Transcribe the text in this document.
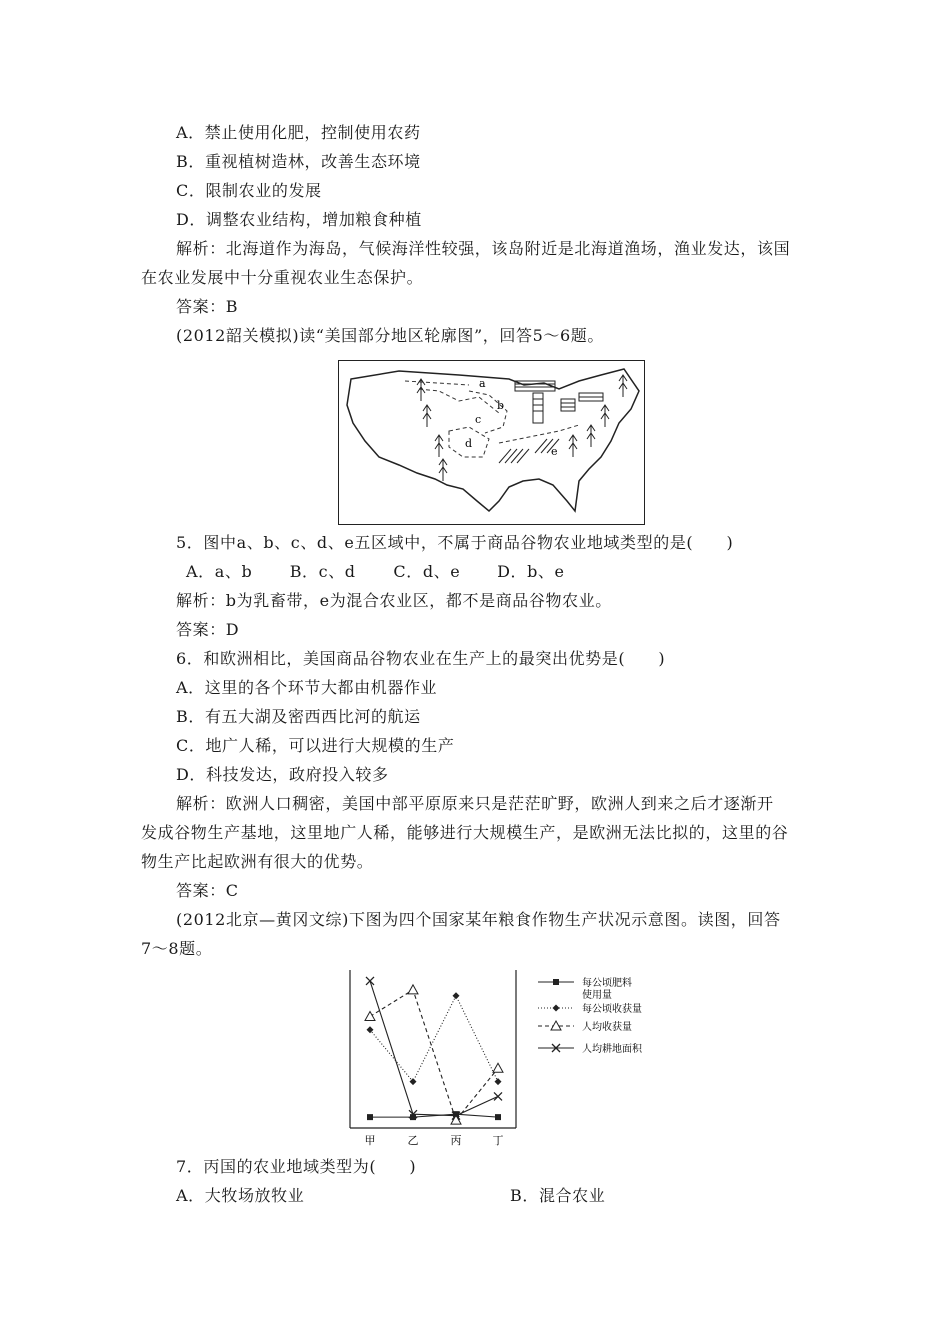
A．禁止使用化肥，控制使用农药
B．重视植树造林，改善生态环境
C．限制农业的发展
D．调整农业结构，增加粮食种植
解析：北海道作为海岛，气候海洋性较强，该岛附近是北海道渔场，渔业发达，该国
在农业发展中十分重视农业生态保护。
答案：B
(2012韶关模拟)读“美国部分地区轮廓图”，回答5～6题。
a
b
c
d
e
5．图中a、b、c、d、e五区域中，不属于商品谷物农业地域类型的是(　　)
A．a、b B．c、d C．d、e D．b、e
解析：b为乳畜带，e为混合农业区，都不是商品谷物农业。
答案：D
6．和欧洲相比，美国商品谷物农业在生产上的最突出优势是(　　)
A．这里的各个环节大都由机器作业
B．有五大湖及密西西比河的航运
C．地广人稀，可以进行大规模的生产
D．科技发达，政府投入较多
解析：欧洲人口稠密，美国中部平原原来只是茫茫旷野，欧洲人到来之后才逐渐开
发成谷物生产基地，这里地广人稀，能够进行大规模生产，是欧洲无法比拟的，这里的谷
物生产比起欧洲有很大的优势。
答案：C
(2012北京—黄冈文综)下图为四个国家某年粮食作物生产状况示意图。读图，回答
7～8题。
甲	乙	丙	丁
每公顷肥料
使用量
每公顷收获量
人均收获量
人均耕地面积
7．丙国的农业地域类型为(　　)
A．大牧场放牧业	B．混合农业
